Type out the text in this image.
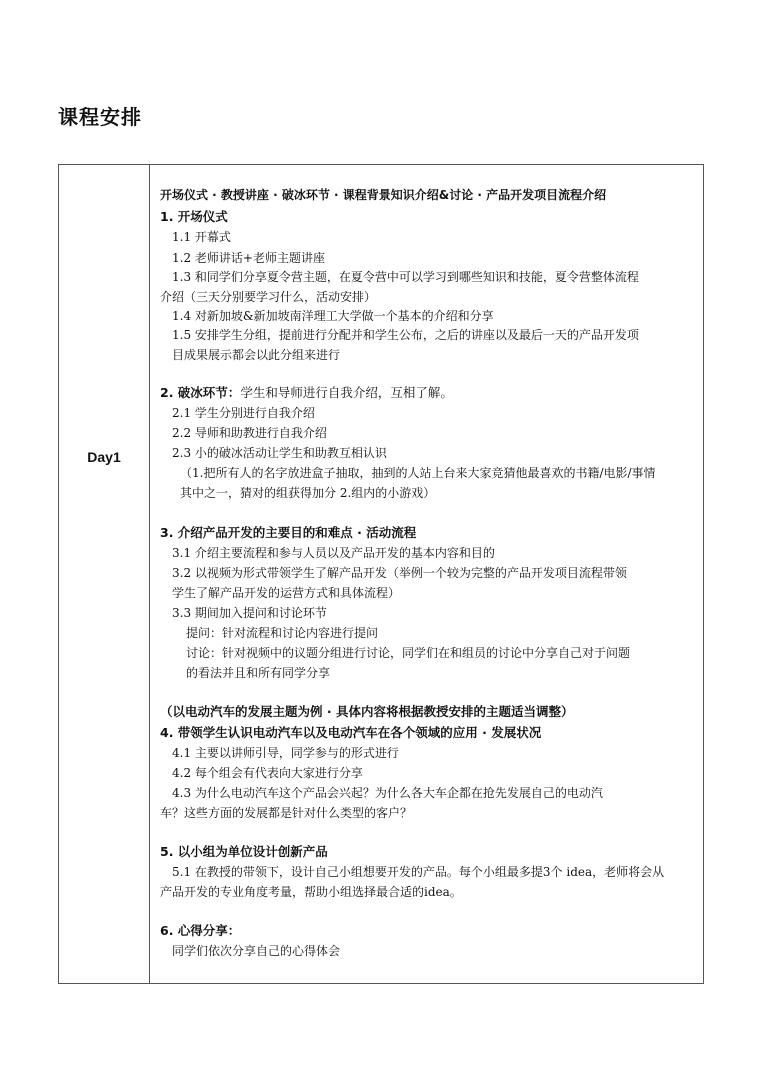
课程安排
Day1
开场仪式 · 教授讲座 · 破冰环节 · 课程背景知识介绍&讨论 · 产品开发项目流程介绍
1. 开场仪式
1.1 开幕式
1.2 老师讲话+老师主题讲座
1.3 和同学们分享夏令营主题，在夏令营中可以学习到哪些知识和技能，夏令营整体流程
介绍（三天分别要学习什么，活动安排）
1.4 对新加坡&新加坡南洋理工大学做一个基本的介绍和分享
1.5 安排学生分组，提前进行分配并和学生公布，之后的讲座以及最后一天的产品开发项
目成果展示都会以此分组来进行
2. 破冰环节：学生和导师进行自我介绍，互相了解。
2.1 学生分别进行自我介绍
2.2 导师和助教进行自我介绍
2.3 小的破冰活动让学生和助教互相认识
（1.把所有人的名字放进盒子抽取，抽到的人站上台来大家竞猜他最喜欢的书籍/电影/事情
其中之一，猜对的组获得加分 2.组内的小游戏）
3. 介绍产品开发的主要目的和难点 · 活动流程
3.1 介绍主要流程和参与人员以及产品开发的基本内容和目的
3.2 以视频为形式带领学生了解产品开发（举例一个较为完整的产品开发项目流程带领
学生了解产品开发的运营方式和具体流程）
3.3 期间加入提问和讨论环节
提问：针对流程和讨论内容进行提问
讨论：针对视频中的议题分组进行讨论，同学们在和组员的讨论中分享自己对于问题
的看法并且和所有同学分享
（以电动汽车的发展主题为例 · 具体内容将根据教授安排的主题适当调整）
4. 带领学生认识电动汽车以及电动汽车在各个领域的应用 · 发展状况
4.1 主要以讲师引导，同学参与的形式进行
4.2 每个组会有代表向大家进行分享
4.3 为什么电动汽车这个产品会兴起？为什么各大车企都在抢先发展自己的电动汽
车？这些方面的发展都是针对什么类型的客户？
5. 以小组为单位设计创新产品
5.1 在教授的带领下，设计自己小组想要开发的产品。每个小组最多提3个 idea，老师将会从
产品开发的专业角度考量，帮助小组选择最合适的idea。
6. 心得分享：
同学们依次分享自己的心得体会
